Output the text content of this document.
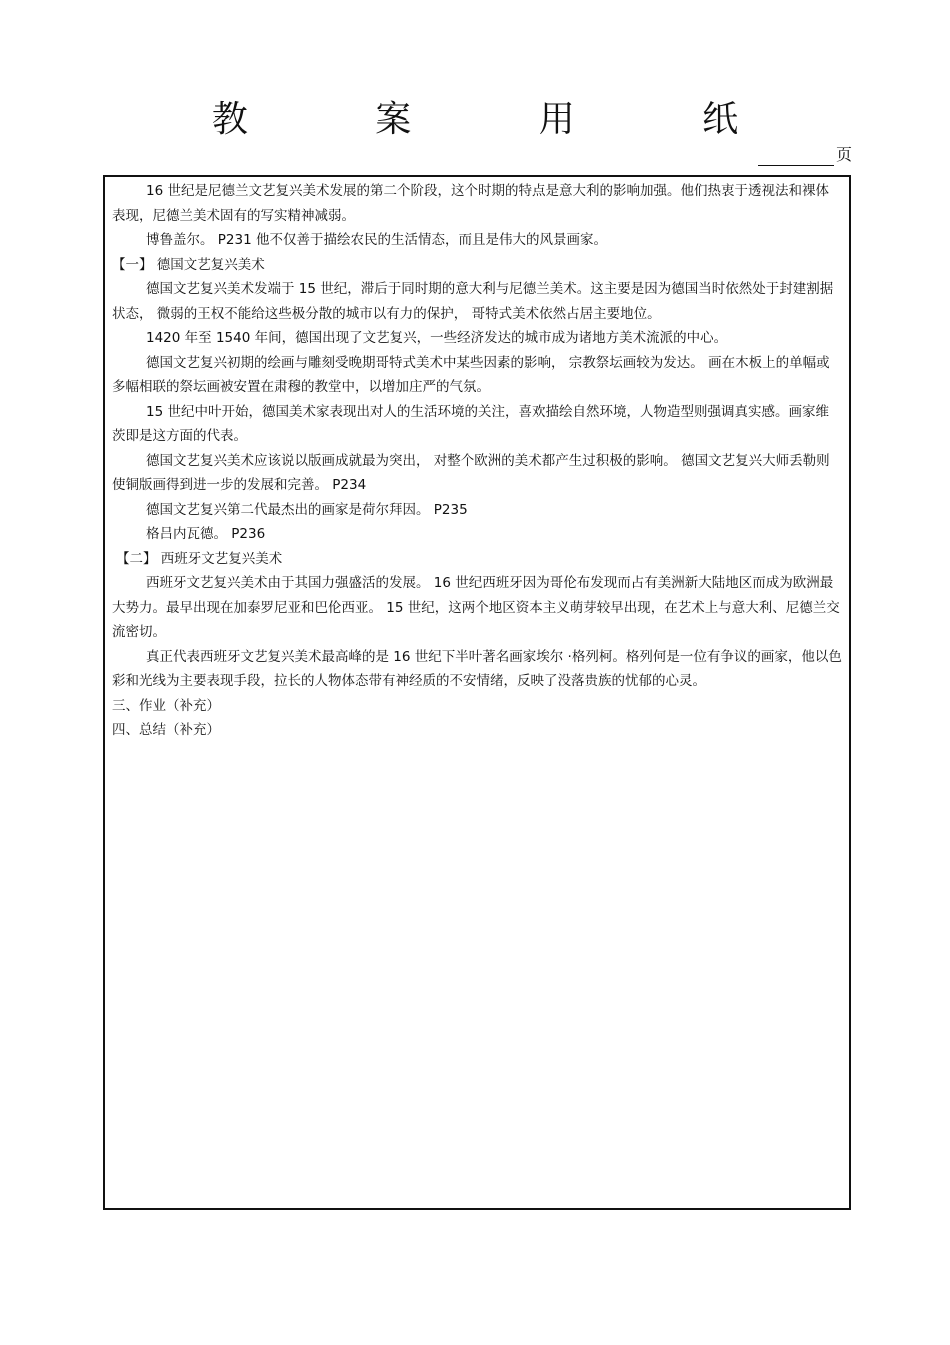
教 案 用 纸
页

16 世纪是尼德兰文艺复兴美术发展的第二个阶段，这个时期的特点是意大利的影响加强。他们热衷于透视法和裸体表现，尼德兰美术固有的写实精神减弱。

博鲁盖尔。 P231 他不仅善于描绘农民的生活情态，而且是伟大的风景画家。

【一】 德国文艺复兴美术

德国文艺复兴美术发端于 15 世纪，滞后于同时期的意大利与尼德兰美术。这主要是因为德国当时依然处于封建割据状态， 微弱的王权不能给这些极分散的城市以有力的保护， 哥特式美术依然占居主要地位。

1420 年至 1540 年间，德国出现了文艺复兴，一些经济发达的城市成为诸地方美术流派的中心。

德国文艺复兴初期的绘画与雕刻受晚期哥特式美术中某些因素的影响， 宗教祭坛画较为发达。 画在木板上的单幅或多幅相联的祭坛画被安置在肃穆的教堂中，以增加庄严的气氛。

15 世纪中叶开始，德国美术家表现出对人的生活环境的关注，喜欢描绘自然环境，人物造型则强调真实感。画家维茨即是这方面的代表。

德国文艺复兴美术应该说以版画成就最为突出， 对整个欧洲的美术都产生过积极的影响。 德国文艺复兴大师丢勒则使铜版画得到进一步的发展和完善。 P234

德国文艺复兴第二代最杰出的画家是荷尔拜因。 P235

格吕内瓦德。 P236

【二】 西班牙文艺复兴美术

西班牙文艺复兴美术由于其国力强盛活的发展。 16 世纪西班牙因为哥伦布发现而占有美洲新大陆地区而成为欧洲最大势力。最早出现在加泰罗尼亚和巴伦西亚。 15 世纪，这两个地区资本主义萌芽较早出现，在艺术上与意大利、尼德兰交流密切。

真正代表西班牙文艺复兴美术最高峰的是 16 世纪下半叶著名画家埃尔 ·格列柯。格列何是一位有争议的画家，他以色彩和光线为主要表现手段，拉长的人物体态带有神经质的不安情绪，反映了没落贵族的忧郁的心灵。

三、作业（补充）

四、总结（补充）
